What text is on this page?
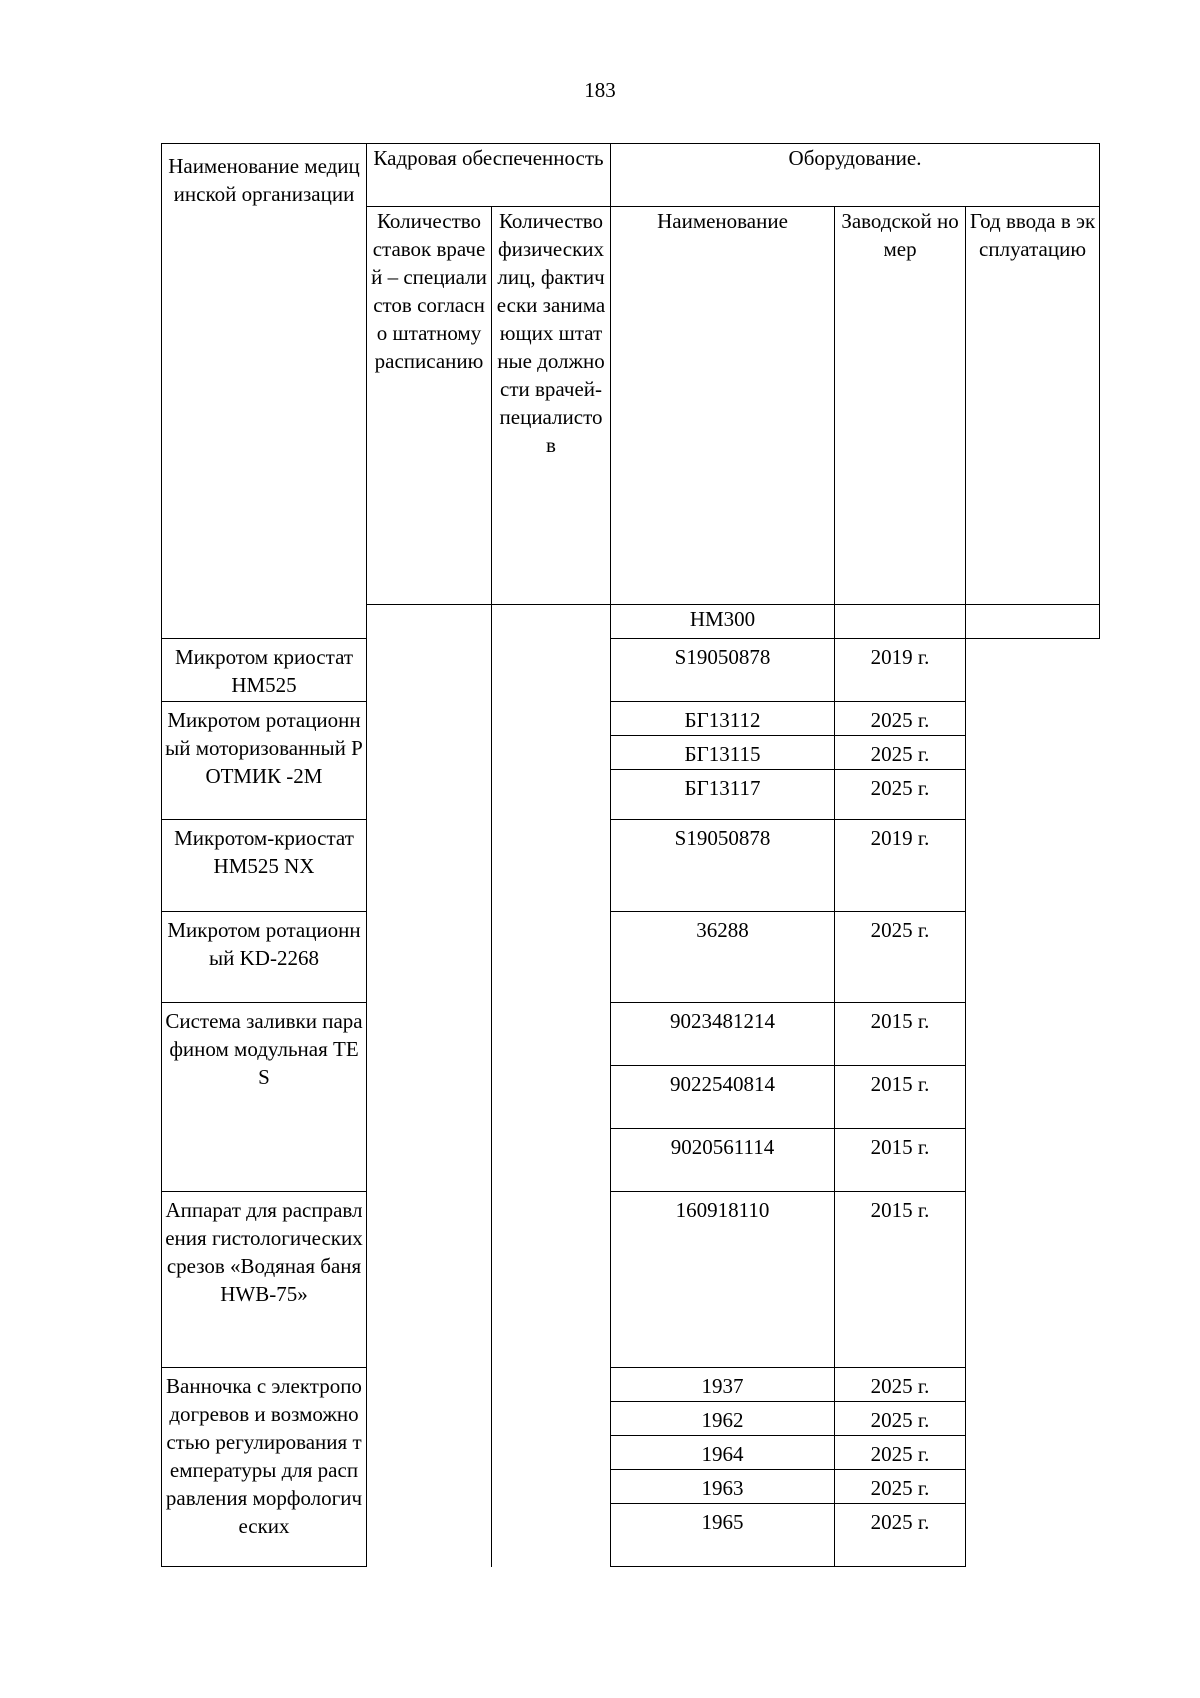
183
Наименование медицинской организации	Кадровая обеспеченность		Оборудование.		
	Количество ставок врачей – специалистов согласно штатному расписанию	Количество физических лиц, фактически занимающих штатные должности врачей-пециалистов	Наименование	Заводской номер	Год ввода в эксплуатацию
			НМ300		
Микротом криостат НМ525			S19050878	2019 г.	
Микротом ротационный моторизованный РОТМИК -2М			БГ13112	2025 г.	
			БГ13115	2025 г.	
			БГ13117	2025 г.	
Микротом-криостат НМ525 NX			S19050878	2019 г.	
Микротом ротационный KD-2268			36288	2025 г.	
Система заливки парафином модульная TES			9023481214	2015 г.	
			9022540814	2015 г.	
			9020561114	2015 г.	
Аппарат для расправления гистологических срезов «Водяная баня HWB-75»			160918110	2015 г.	
Ванночка с электроподогревов и возможностью регулирования температуры для расправления морфологических			1937	2025 г.	
			1962	2025 г.	
			1964	2025 г.	
			1963	2025 г.	
			1965	2025 г.	
